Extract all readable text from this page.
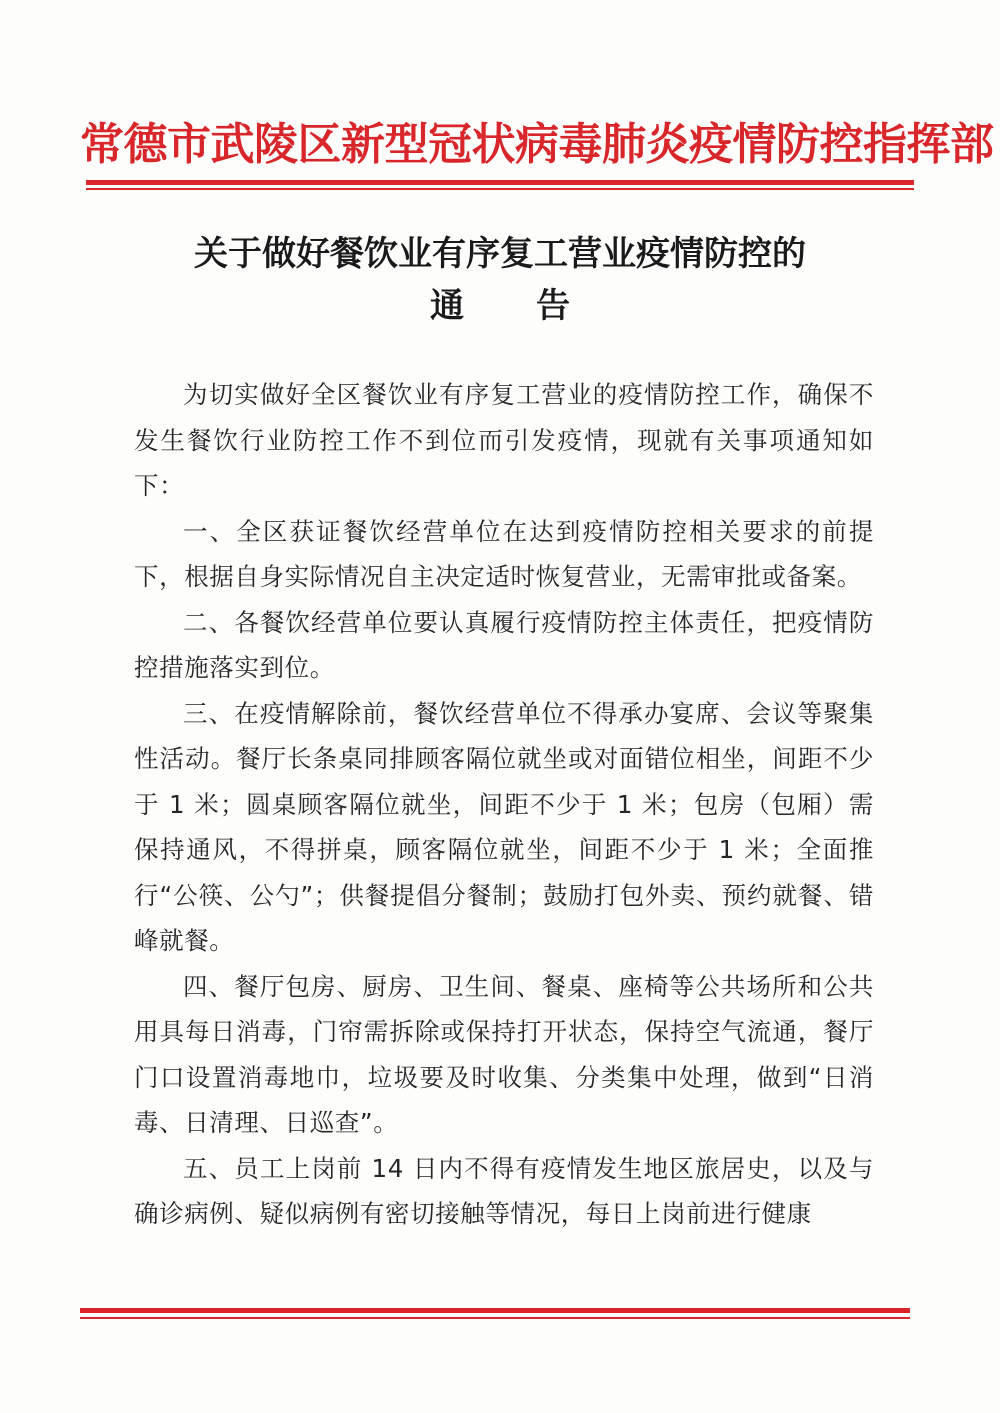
常德市武陵区新型冠状病毒肺炎疫情防控指挥部
关于做好餐饮业有序复工营业疫情防控的
通告

为切实做好全区餐饮业有序复工营业的疫情防控工作，确保不发生餐饮行业防控工作不到位而引发疫情，现就有关事项通知如下：

一、全区获证餐饮经营单位在达到疫情防控相关要求的前提下，根据自身实际情况自主决定适时恢复营业，无需审批或备案。

二、各餐饮经营单位要认真履行疫情防控主体责任，把疫情防控措施落实到位。

三、在疫情解除前，餐饮经营单位不得承办宴席、会议等聚集性活动。餐厅长条桌同排顾客隔位就坐或对面错位相坐，间距不少于 1 米；圆桌顾客隔位就坐，间距不少于 1 米；包房（包厢）需保持通风，不得拼桌，顾客隔位就坐，间距不少于 1 米；全面推行“公筷、公勺”；供餐提倡分餐制；鼓励打包外卖、预约就餐、错峰就餐。

四、餐厅包房、厨房、卫生间、餐桌、座椅等公共场所和公共用具每日消毒，门帘需拆除或保持打开状态，保持空气流通，餐厅门口设置消毒地巾，垃圾要及时收集、分类集中处理，做到“日消毒、日清理、日巡查”。

五、员工上岗前 14 日内不得有疫情发生地区旅居史，以及与确诊病例、疑似病例有密切接触等情况，每日上岗前进行健康
